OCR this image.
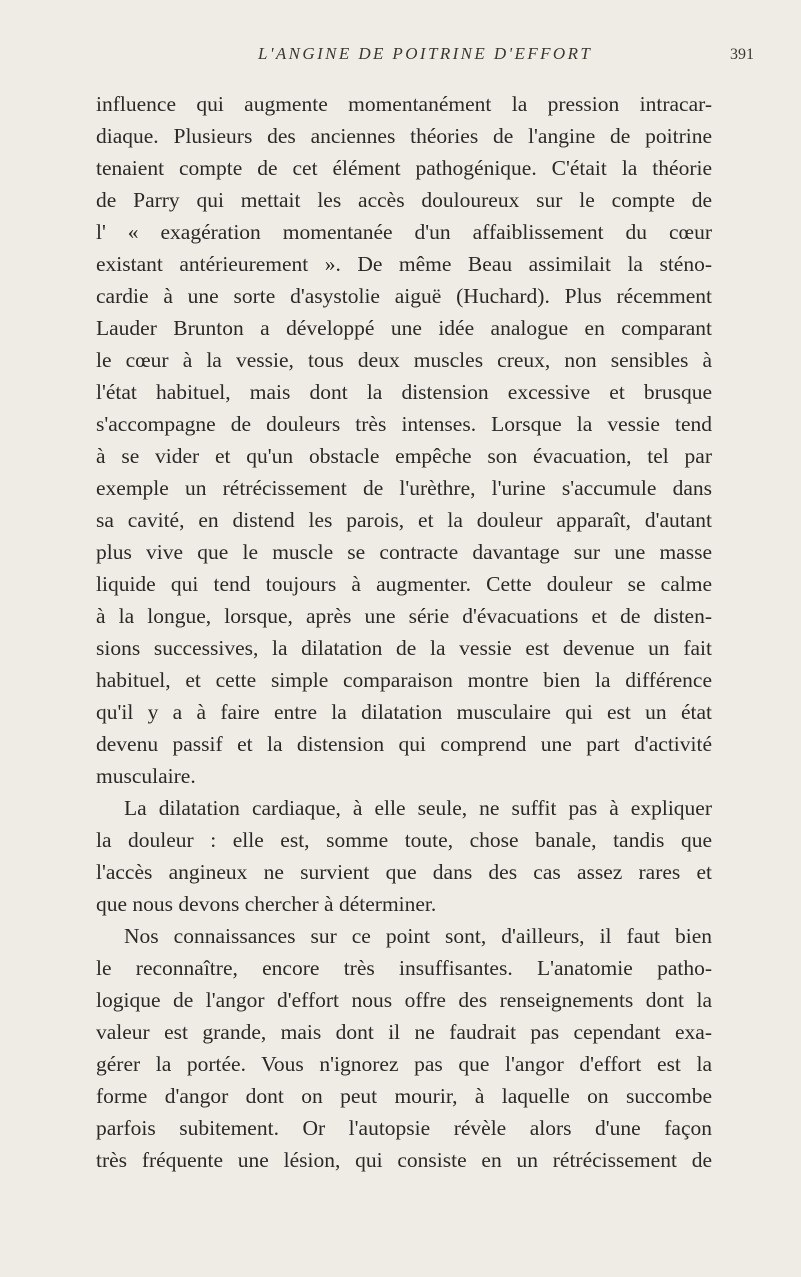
L'ANGINE DE POITRINE D'EFFORT	391
influence qui augmente momentanément la pression intracar-
diaque. Plusieurs des anciennes théories de l'angine de poitrine
tenaient compte de cet élément pathogénique. C'était la théorie
de Parry qui mettait les accès douloureux sur le compte de
l' « exagération momentanée d'un affaiblissement du cœur
existant antérieurement ». De même Beau assimilait la sténo-
cardie à une sorte d'asystolie aiguë (Huchard). Plus récemment
Lauder Brunton a développé une idée analogue en comparant
le cœur à la vessie, tous deux muscles creux, non sensibles à
l'état habituel, mais dont la distension excessive et brusque
s'accompagne de douleurs très intenses. Lorsque la vessie tend
à se vider et qu'un obstacle empêche son évacuation, tel par
exemple un rétrécissement de l'urèthre, l'urine s'accumule dans
sa cavité, en distend les parois, et la douleur apparaît, d'autant
plus vive que le muscle se contracte davantage sur une masse
liquide qui tend toujours à augmenter. Cette douleur se calme
à la longue, lorsque, après une série d'évacuations et de disten-
sions successives, la dilatation de la vessie est devenue un fait
habituel, et cette simple comparaison montre bien la différence
qu'il y a à faire entre la dilatation musculaire qui est un état
devenu passif et la distension qui comprend une part d'activité
musculaire.
La dilatation cardiaque, à elle seule, ne suffit pas à expliquer
la douleur : elle est, somme toute, chose banale, tandis que
l'accès angineux ne survient que dans des cas assez rares et
que nous devons chercher à déterminer.
Nos connaissances sur ce point sont, d'ailleurs, il faut bien
le reconnaître, encore très insuffisantes. L'anatomie patho-
logique de l'angor d'effort nous offre des renseignements dont la
valeur est grande, mais dont il ne faudrait pas cependant exa-
gérer la portée. Vous n'ignorez pas que l'angor d'effort est la
forme d'angor dont on peut mourir, à laquelle on succombe
parfois subitement. Or l'autopsie révèle alors d'une façon
très fréquente une lésion, qui consiste en un rétrécissement de
